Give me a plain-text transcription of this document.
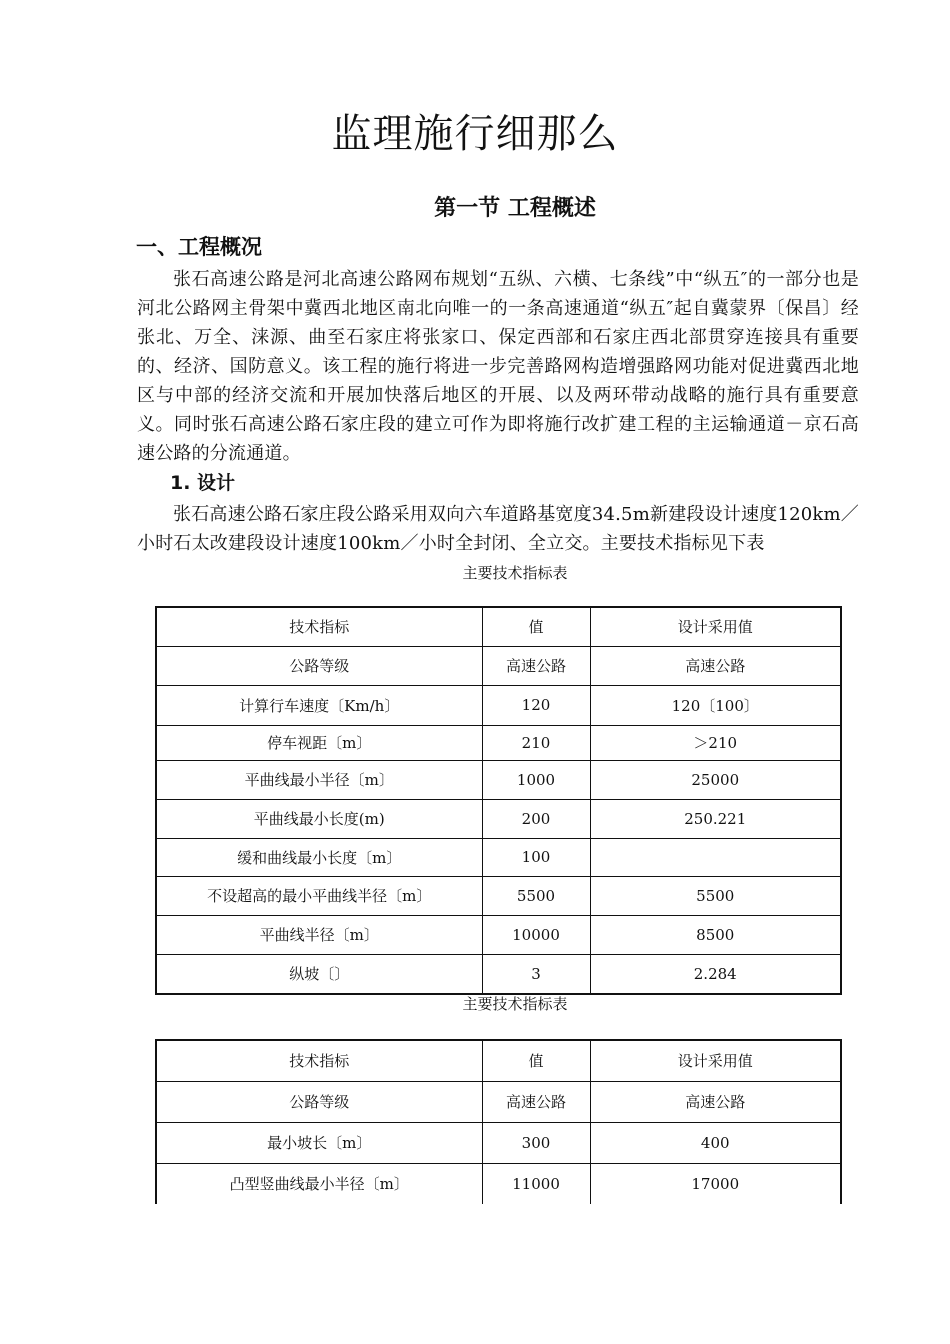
监理施行细那么
第一节 工程概述
一、工程概况
张石高速公路是河北高速公路网布规划“五纵、六横、七条线”中“纵五″的一部分也是河北公路网主骨架中冀西北地区南北向唯一的一条高速通道“纵五″起自冀蒙界〔保昌〕经张北、万全、涞源、曲至石家庄将张家口、保定西部和石家庄西北部贯穿连接具有重要的、经济、国防意义。该工程的施行将进一步完善路网构造增强路网功能对促进冀西北地区与中部的经济交流和开展加快落后地区的开展、以及两环带动战略的施行具有重要意义。同时张石高速公路石家庄段的建立可作为即将施行改扩建工程的主运输通道－京石高速公路的分流通道。
1. 设计
张石高速公路石家庄段公路采用双向六车道路基宽度34.5m新建段设计速度120km／小时石太改建段设计速度100km／小时全封闭、全立交。主要技术指标见下表
主要技术指标表
技术指标	值	设计采用值
公路等级	高速公路	高速公路
计算行车速度〔Km/h〕	120	120〔100〕
停车视距〔m〕	210	＞210
平曲线最小半径〔m〕	1000	25000
平曲线最小长度(m)	200	250.221
缓和曲线最小长度〔m〕	100	
不设超高的最小平曲线半径〔m〕	5500	5500
平曲线半径〔m〕	10000	8500
纵坡〔〕	3	2.284
主要技术指标表
技术指标	值	设计采用值
公路等级	高速公路	高速公路
最小坡长〔m〕	300	400
凸型竖曲线最小半径〔m〕	11000	17000
